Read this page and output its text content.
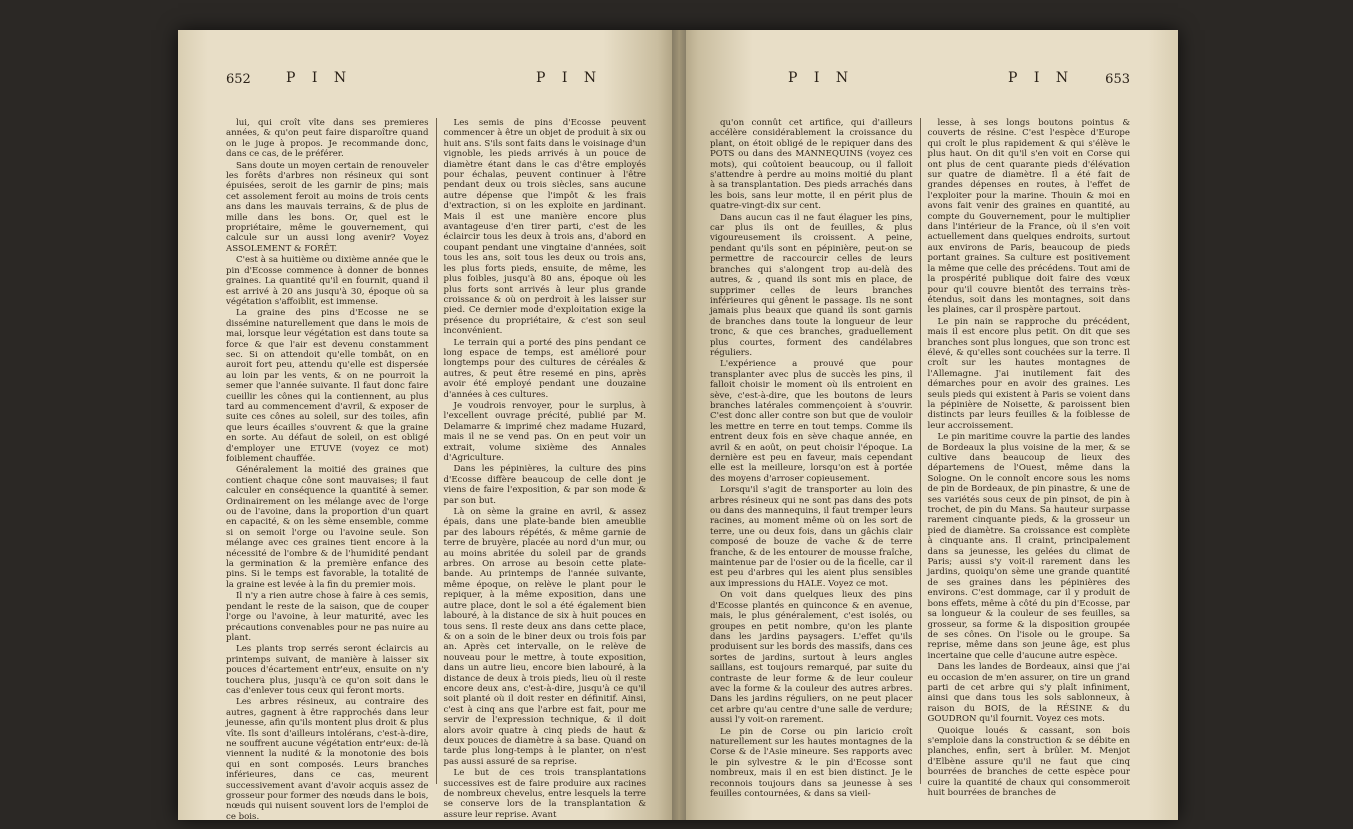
652	P I N	P I N

lui, qui croît vîte dans ses premieres années, & qu'on peut faire disparoître quand on le juge à propos. Je recommande donc, dans ce cas, de le préférer.

Sans doute un moyen certain de renouveler les forêts d'arbres non résineux qui sont épuisées, seroit de les garnir de pins; mais cet assolement feroit au moins de trois cents ans dans les mauvais terrains, & de plus de mille dans les bons. Or, quel est le propriétaire, même le gouvernement, qui calcule sur un aussi long avenir? Voyez ASSOLEMENT & FORÊT.

C'est à sa huitième ou dixième année que le pin d'Ecosse commence à donner de bonnes graines. La quantité qu'il en fournit, quand il est arrivé à 20 ans jusqu'à 30, époque où sa végétation s'affoiblit, est immense.

La graine des pins d'Ecosse ne se dissémine naturellement que dans le mois de mai, lorsque leur végétation est dans toute sa force & que l'air est devenu constamment sec. Si on attendoit qu'elle tombât, on en auroit fort peu, attendu qu'elle est dispersée au loin par les vents, & on ne pourroit la semer que l'année suivante. Il faut donc faire cueillir les cônes qui la contiennent, au plus tard au commencement d'avril, & exposer de suite ces cônes au soleil, sur des toiles, afin que leurs écailles s'ouvrent & que la graine en sorte. Au défaut de soleil, on est obligé d'employer une ETUVE (voyez ce mot) foiblement chauffée.

Généralement la moitié des graines que contient chaque cône sont mauvaises; il faut calculer en conséquence la quantité à semer. Ordinairement on les mélange avec de l'orge ou de l'avoine, dans la proportion d'un quart en capacité, & on les sème ensemble, comme si on semoit l'orge ou l'avoine seule. Son mélange avec ces graines tient encore à la nécessité de l'ombre & de l'humidité pendant la germination & la première enfance des pins. Si le temps est favorable, la totalité de la graine est levée à la fin du premier mois.

Il n'y a rien autre chose à faire à ces semis, pendant le reste de la saison, que de couper l'orge ou l'avoine, à leur maturité, avec les précautions convenables pour ne pas nuire au plant.

Les plants trop serrés seront éclaircis au printemps suivant, de manière à laisser six pouces d'écartement entr'eux, ensuite on n'y touchera plus, jusqu'à ce qu'on soit dans le cas d'enlever tous ceux qui feront morts.

Les arbres résineux, au contraire des autres, gagnent à être rapprochés dans leur jeunesse, afin qu'ils montent plus droit & plus vîte. Ils sont d'ailleurs intolérans, c'est-à-dire, ne souffrent aucune végétation entr'eux: de-là viennent la nudité & la monotonie des bois qui en sont composés. Leurs branches inférieures, dans ce cas, meurent successivement avant d'avoir acquis assez de grosseur pour former des nœuds dans le bois, nœuds qui nuisent souvent lors de l'emploi de ce bois.

Les semis de pins d'Ecosse peuvent commencer à être un objet de produit à six ou huit ans. S'ils sont faits dans le voisinage d'un vignoble, les pieds arrivés à un pouce de diamètre étant dans le cas d'être employés pour échalas, peuvent continuer à l'être pendant deux ou trois siècles, sans aucune autre dépense que l'impôt & les frais d'extraction, si on les exploite en jardinant. Mais il est une manière encore plus avantageuse d'en tirer parti, c'est de les éclaircir tous les deux à trois ans, d'abord en coupant pendant une vingtaine d'années, soit tous les ans, soit tous les deux ou trois ans, les plus forts pieds, ensuite, de même, les plus foibles, jusqu'à 80 ans, époque où les plus forts sont arrivés à leur plus grande croissance & où on perdroit à les laisser sur pied. Ce dernier mode d'exploitation exige la présence du propriétaire, & c'est son seul inconvénient.

Le terrain qui a porté des pins pendant ce long espace de temps, est amélioré pour longtemps pour des cultures de céréales & autres, & peut être resemé en pins, après avoir été employé pendant une douzaine d'années à ces cultures.

Je voudrois renvoyer, pour le surplus, à l'excellent ouvrage précité, publié par M. Delamarre & imprimé chez madame Huzard, mais il ne se vend pas. On en peut voir un extrait, volume sixième des Annales d'Agriculture.

Dans les pépinières, la culture des pins d'Ecosse diffère beaucoup de celle dont je viens de faire l'exposition, & par son mode & par son but.

Là on sème la graine en avril, & assez épais, dans une plate-bande bien ameublie par des labours répétés, & même garnie de terre de bruyère, placée au nord d'un mur, ou au moins abritée du soleil par de grands arbres. On arrose au besoin cette plate-bande. Au printemps de l'année suivante, même époque, on relève le plant pour le repiquer, à la même exposition, dans une autre place, dont le sol a été également bien labouré, à la distance de six à huit pouces en tous sens. Il reste deux ans dans cette place, & on a soin de le biner deux ou trois fois par an. Après cet intervalle, on le relève de nouveau pour le mettre, à toute exposition, dans un autre lieu, encore bien labouré, à la distance de deux à trois pieds, lieu où il reste encore deux ans, c'est-à-dire, jusqu'à ce qu'il soit planté où il doit rester en définitif. Ainsi, c'est à cinq ans que l'arbre est fait, pour me servir de l'expression technique, & il doit alors avoir quatre à cinq pieds de haut & deux pouces de diamètre à sa base. Quand on tarde plus long-temps à le planter, on n'est pas aussi assuré de sa reprise.

Le but de ces trois transplantations successives est de faire produire aux racines de nombreux chevelus, entre lesquels la terre se conserve lors de la transplantation & assure leur reprise. Avant

P I N	P I N 653

qu'on connût cet artifice, qui d'ailleurs accélère considérablement la croissance du plant, on étoit obligé de le repiquer dans des POTS ou dans des MANNEQUINS (voyez ces mots), qui coûtoient beaucoup, ou il falloit s'attendre à perdre au moins moitié du plant à sa transplantation. Des pieds arrachés dans les bois, sans leur motte, il en périt plus de quatre-vingt-dix sur cent.

Dans aucun cas il ne faut élaguer les pins, car plus ils ont de feuilles, & plus vigoureusement ils croissent. A peine, pendant qu'ils sont en pépinière, peut-on se permettre de raccourcir celles de leurs branches qui s'alongent trop au-delà des autres, & , quand ils sont mis en place, de supprimer celles de leurs branches inférieures qui gênent le passage. Ils ne sont jamais plus beaux que quand ils sont garnis de branches dans toute la longueur de leur tronc, & que ces branches, graduellement plus courtes, forment des candélabres réguliers.

L'expérience a prouvé que pour transplanter avec plus de succès les pins, il falloit choisir le moment où ils entroient en sève, c'est-à-dire, que les boutons de leurs branches latérales commençoient à s'ouvrir. C'est donc aller contre son but que de vouloir les mettre en terre en tout temps. Comme ils entrent deux fois en sève chaque année, en avril & en août, on peut choisir l'époque. La dernière est peu en faveur, mais cependant elle est la meilleure, lorsqu'on est à portée des moyens d'arroser copieusement.

Lorsqu'il s'agit de transporter au loin des arbres résineux qui ne sont pas dans des pots ou dans des mannequins, il faut tremper leurs racines, au moment même où on les sort de terre, une ou deux fois, dans un gâchis clair composé de bouze de vache & de terre franche, & de les entourer de mousse fraîche, maintenue par de l'osier ou de la ficelle, car il est peu d'arbres qui les aient plus sensibles aux impressions du HALE. Voyez ce mot.

On voit dans quelques lieux des pins d'Ecosse plantés en quinconce & en avenue, mais, le plus généralement, c'est isolés, ou groupes en petit nombre, qu'on les plante dans les jardins paysagers. L'effet qu'ils produisent sur les bords des massifs, dans ces sortes de jardins, surtout à leurs angles saillans, est toujours remarqué, par suite du contraste de leur forme & de leur couleur avec la forme & la couleur des autres arbres. Dans les jardins réguliers, on ne peut placer cet arbre qu'au centre d'une salle de verdure; aussi l'y voit-on rarement.

Le pin de Corse ou pin laricio croît naturellement sur les hautes montagnes de la Corse & de l'Asie mineure. Ses rapports avec le pin sylvestre & le pin d'Ecosse sont nombreux, mais il en est bien distinct. Je le reconnois toujours dans sa jeunesse à ses feuilles contournées, & dans sa vieil-

lesse, à ses longs boutons pointus & couverts de résine. C'est l'espèce d'Europe qui croît le plus rapidement & qui s'élève le plus haut. On dit qu'il s'en voit en Corse qui ont plus de cent quarante pieds d'élévation sur quatre de diamètre. Il a été fait de grandes dépenses en routes, à l'effet de l'exploiter pour la marine. Thouin & moi en avons fait venir des graines en quantité, au compte du Gouvernement, pour le multiplier dans l'intérieur de la France, où il s'en voit actuellement dans quelques endroits, surtout aux environs de Paris, beaucoup de pieds portant graines. Sa culture est positivement la même que celle des précédens. Tout ami de la prospérité publique doit faire des vœux pour qu'il couvre bientôt des terrains très-étendus, soit dans les montagnes, soit dans les plaines, car il prospère partout.

Le pin nain se rapproche du précédent, mais il est encore plus petit. On dit que ses branches sont plus longues, que son tronc est élevé, & qu'elles sont couchées sur la terre. Il croît sur les hautes montagnes de l'Allemagne. J'ai inutilement fait des démarches pour en avoir des graines. Les seuls pieds qui existent à Paris se voient dans la pépinière de Noisette, & paroissent bien distincts par leurs feuilles & la foiblesse de leur accroissement.

Le pin maritime couvre la partie des landes de Bordeaux la plus voisine de la mer, & se cultive dans beaucoup de lieux des départemens de l'Ouest, même dans la Sologne. On le connoît encore sous les noms de pin de Bordeaux, de pin pinastre, & une de ses variétés sous ceux de pin pinsot, de pin à trochet, de pin du Mans. Sa hauteur surpasse rarement cinquante pieds, & la grosseur un pied de diamètre. Sa croissance est complète à cinquante ans. Il craint, principalement dans sa jeunesse, les gelées du climat de Paris; aussi s'y voit-il rarement dans les jardins, quoiqu'on sème une grande quantité de ses graines dans les pépinières des environs. C'est dommage, car il y produit de bons effets, même à côté du pin d'Ecosse, par sa longueur & la couleur de ses feuilles, sa grosseur, sa forme & la disposition groupée de ses cônes. On l'isole ou le groupe. Sa reprise, même dans son jeune âge, est plus incertaine que celle d'aucune autre espèce.

Dans les landes de Bordeaux, ainsi que j'ai eu occasion de m'en assurer, on tire un grand parti de cet arbre qui s'y plaît infiniment, ainsi que dans tous les sols sablonneux, à raison du BOIS, de la RÉSINE & du GOUDRON qu'il fournit. Voyez ces mots.

Quoique loués & cassant, son bois s'emploie dans la construction & se débite en planches, enfin, sert à brûler. M. Menjot d'Elbène assure qu'il ne faut que cinq bourrées de branches de cette espèce pour cuire la quantité de chaux qui consommeroit huit bourrées de branches de
